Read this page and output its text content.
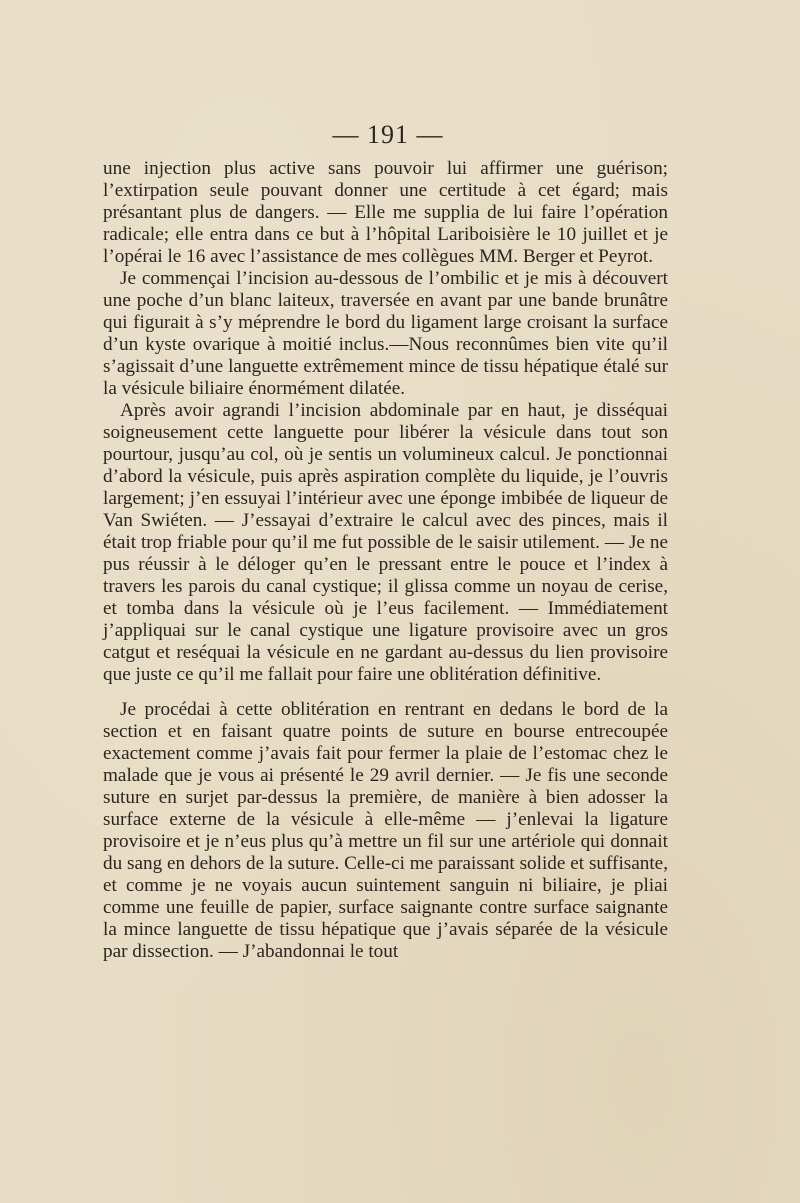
— 191 —

une injection plus active sans pouvoir lui affirmer une guérison; l’extirpation seule pouvant donner une certitude à cet égard; mais présantant plus de dangers. — Elle me supplia de lui faire l’opération radicale; elle entra dans ce but à l’hôpital Lariboisière le 10 juillet et je l’opérai le 16 avec l’assistance de mes collègues MM. Berger et Peyrot.

Je commençai l’incision au-dessous de l’ombilic et je mis à découvert une poche d’un blanc laiteux, traversée en avant par une bande brunâtre qui figurait à s’y méprendre le bord du ligament large croisant la surface d’un kyste ovarique à moitié inclus.—Nous reconnûmes bien vite qu’il s’agissait d’une languette extrêmement mince de tissu hépatique étalé sur la vésicule biliaire énormément dilatée.

Après avoir agrandi l’incision abdominale par en haut, je disséquai soigneusement cette languette pour libérer la vésicule dans tout son pourtour, jusqu’au col, où je sentis un volumineux calcul. Je ponctionnai d’abord la vésicule, puis après aspiration complète du liquide, je l’ouvris largement; j’en essuyai l’intérieur avec une éponge imbibée de liqueur de Van Swiéten. — J’essayai d’extraire le calcul avec des pinces, mais il était trop friable pour qu’il me fut possible de le saisir utilement. — Je ne pus réussir à le déloger qu’en le pressant entre le pouce et l’index à travers les parois du canal cystique; il glissa comme un noyau de cerise, et tomba dans la vésicule où je l’eus facilement. — Immédiatement j’appliquai sur le canal cystique une ligature provisoire avec un gros catgut et reséquai la vésicule en ne gardant au-dessus du lien provisoire que juste ce qu’il me fallait pour faire une oblitération définitive.

Je procédai à cette oblitération en rentrant en dedans le bord de la section et en faisant quatre points de suture en bourse entrecoupée exactement comme j’avais fait pour fermer la plaie de l’estomac chez le malade que je vous ai présenté le 29 avril dernier. — Je fis une seconde suture en surjet par-dessus la première, de manière à bien adosser la surface externe de la vésicule à elle-même — j’enlevai la ligature provisoire et je n’eus plus qu’à mettre un fil sur une artériole qui donnait du sang en dehors de la suture. Celle-ci me paraissant solide et suffisante, et comme je ne voyais aucun suintement sanguin ni biliaire, je pliai comme une feuille de papier, surface saignante contre surface saignante la mince languette de tissu hépatique que j’avais séparée de la vésicule par dissection. — J’abandonnai le tout
